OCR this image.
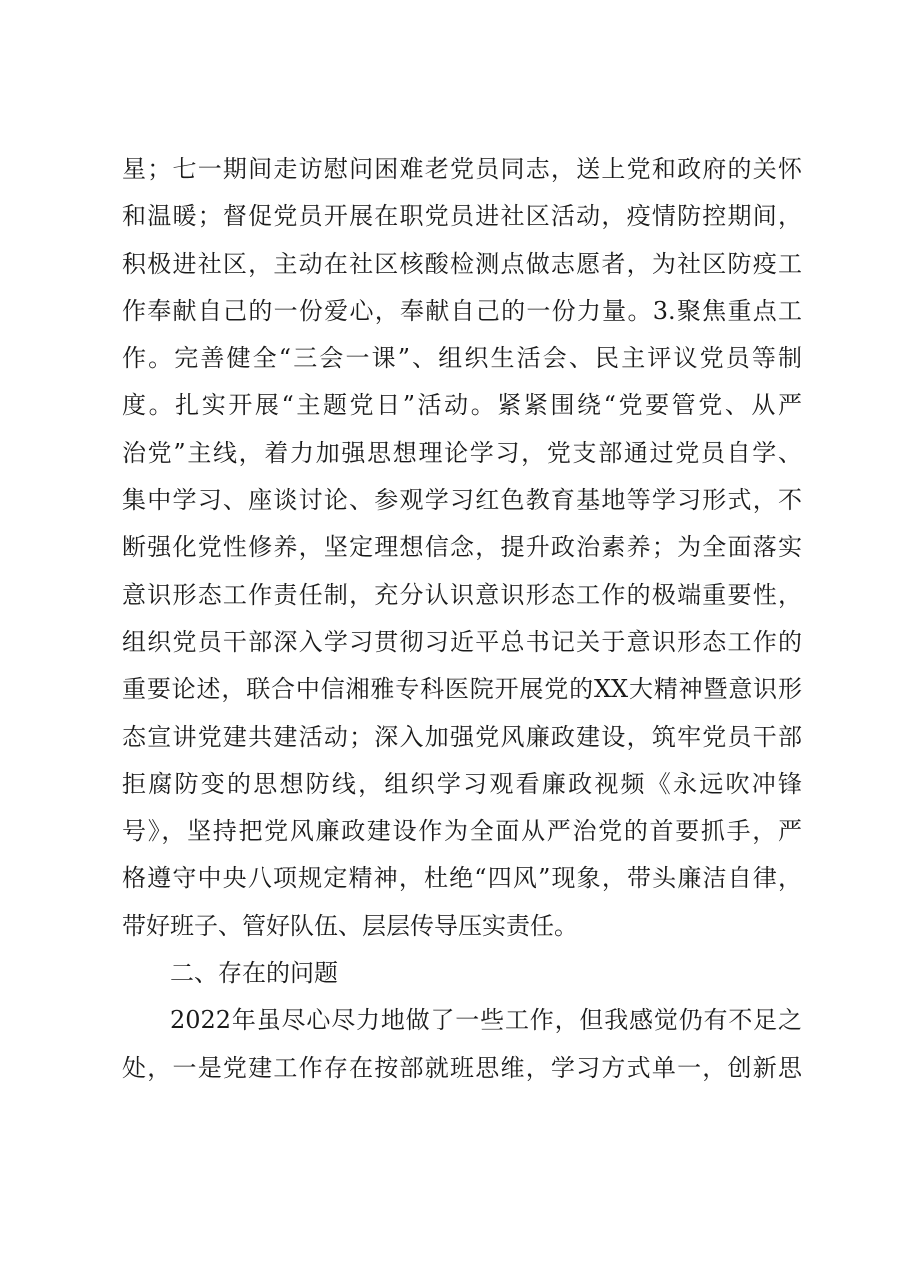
星；七一期间走访慰问困难老党员同志，送上党和政府的关怀
和温暖；督促党员开展在职党员进社区活动，疫情防控期间，
积极进社区，主动在社区核酸检测点做志愿者，为社区防疫工
作奉献自己的一份爱心，奉献自己的一份力量。3.聚焦重点工
作。完善健全“三会一课”、组织生活会、民主评议党员等制
度。扎实开展“主题党日”活动。紧紧围绕“党要管党、从严
治党”主线，着力加强思想理论学习，党支部通过党员自学、
集中学习、座谈讨论、参观学习红色教育基地等学习形式，不
断强化党性修养，坚定理想信念，提升政治素养；为全面落实
意识形态工作责任制，充分认识意识形态工作的极端重要性，
组织党员干部深入学习贯彻习近平总书记关于意识形态工作的
重要论述，联合中信湘雅专科医院开展党的XX大精神暨意识形
态宣讲党建共建活动；深入加强党风廉政建设，筑牢党员干部
拒腐防变的思想防线，组织学习观看廉政视频《永远吹冲锋
号》，坚持把党风廉政建设作为全面从严治党的首要抓手，严
格遵守中央八项规定精神，杜绝“四风”现象，带头廉洁自律，
带好班子、管好队伍、层层传导压实责任。
二、存在的问题
2022年虽尽心尽力地做了一些工作，但我感觉仍有不足之
处，一是党建工作存在按部就班思维，学习方式单一，创新思
